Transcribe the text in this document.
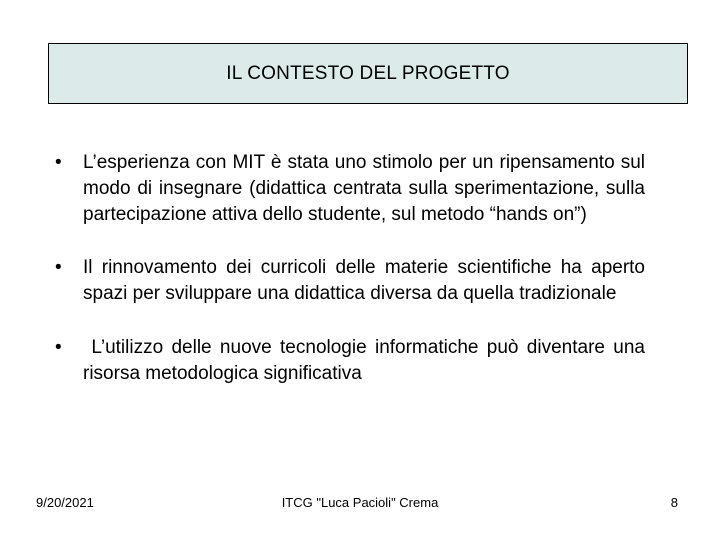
IL CONTESTO DEL PROGETTO
•	L’esperienza con MIT è stata uno stimolo per un ripensamento sul modo di insegnare (didattica centrata sulla sperimentazione, sulla partecipazione attiva dello studente, sul metodo “hands on”)
•	Il rinnovamento dei curricoli delle materie scientifiche ha aperto spazi per sviluppare una didattica diversa da quella tradizionale
•	L’utilizzo delle nuove tecnologie informatiche può diventare una risorsa metodologica significativa
9/20/2021	ITCG "Luca Pacioli" Crema	8
